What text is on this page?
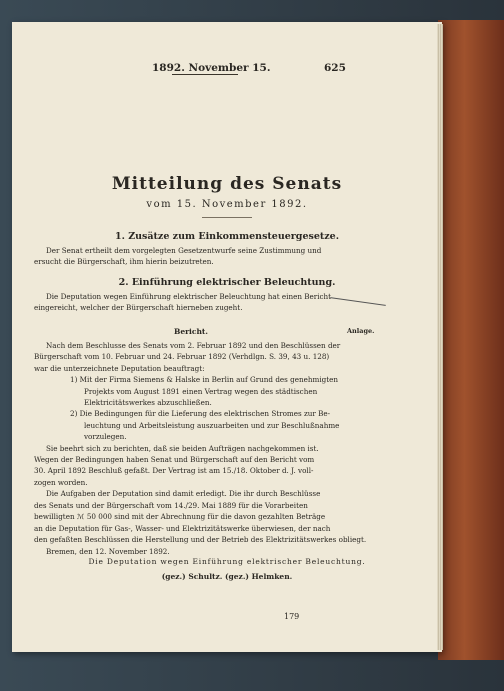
1892. November 15.	625
Mitteilung des Senats
vom 15. November 1892.
1. Zusätze zum Einkommensteuergesetze.
Der Senat ertheilt dem vorgelegten Gesetzentwurfe seine Zustimmung und
ersucht die Bürgerschaft, ihm hierin beizutreten.
2. Einführung elektrischer Beleuchtung.
Die Deputation wegen Einführung elektrischer Beleuchtung hat einen Bericht
eingereicht, welcher der Bürgerschaft hierneben zugeht.
Bericht.
Nach dem Beschlusse des Senats vom 2. Februar 1892 und den Beschlüssen der
Bürgerschaft vom 10. Februar und 24. Februar 1892 (Verhdlgn. S. 39, 43 u. 128)
war die unterzeichnete Deputation beauftragt:
1) Mit der Firma Siemens & Halske in Berlin auf Grund des genehmigten
Projekts vom August 1891 einen Vertrag wegen des städtischen
Elektricitätswerkes abzuschließen.
2) Die Bedingungen für die Lieferung des elektrischen Stromes zur Be-
leuchtung und Arbeitsleistung auszuarbeiten und zur Beschlußnahme
vorzulegen.
Sie beehrt sich zu berichten, daß sie beiden Aufträgen nachgekommen ist.
Wegen der Bedingungen haben Senat und Bürgerschaft auf den Bericht vom
30. April 1892 Beschluß gefaßt. Der Vertrag ist am 15./18. Oktober d. J. voll-
zogen worden.
Die Aufgaben der Deputation sind damit erledigt. Die ihr durch Beschlüsse
des Senats und der Bürgerschaft vom 14./29. Mai 1889 für die Vorarbeiten
bewilligten ℳ 50 000 sind mit der Abrechnung für die davon gezahlten Beträge
an die Deputation für Gas-, Wasser- und Elektrizitätswerke überwiesen, der nach
den gefaßten Beschlüssen die Herstellung und der Betrieb des Elektrizitätswerkes obliegt.
Bremen, den 12. November 1892.
Die Deputation wegen Einführung elektrischer Beleuchtung.
(gez.) Schultz. (gez.) Helmken.
179
Anlage.
